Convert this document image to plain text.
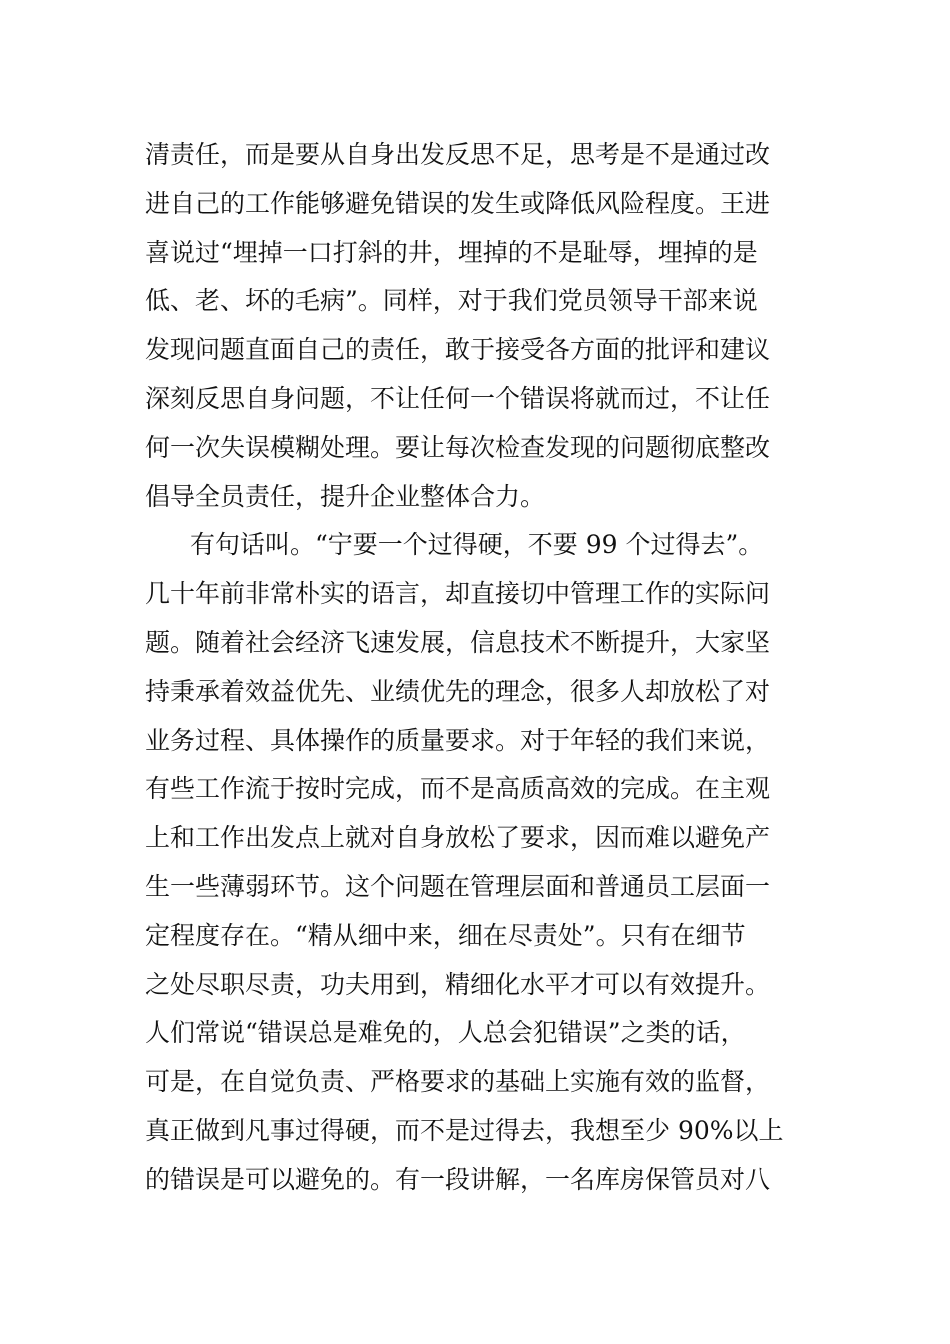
清责任，而是要从自身出发反思不足，思考是不是通过改
进自己的工作能够避免错误的发生或降低风险程度。王进
喜说过“埋掉一口打斜的井，埋掉的不是耻辱，埋掉的是
低、老、坏的毛病”。同样，对于我们党员领导干部来说
发现问题直面自己的责任，敢于接受各方面的批评和建议
深刻反思自身问题，不让任何一个错误将就而过，不让任
何一次失误模糊处理。要让每次检查发现的问题彻底整改
倡导全员责任，提升企业整体合力。
有句话叫。“宁要一个过得硬，不要 99 个过得去”。
几十年前非常朴实的语言，却直接切中管理工作的实际问
题。随着社会经济飞速发展，信息技术不断提升，大家坚
持秉承着效益优先、业绩优先的理念，很多人却放松了对
业务过程、具体操作的质量要求。对于年轻的我们来说，
有些工作流于按时完成，而不是高质高效的完成。在主观
上和工作出发点上就对自身放松了要求，因而难以避免产
生一些薄弱环节。这个问题在管理层面和普通员工层面一
定程度存在。“精从细中来，细在尽责处”。只有在细节
之处尽职尽责，功夫用到，精细化水平才可以有效提升。
人们常说“错误总是难免的，人总会犯错误”之类的话，
可是，在自觉负责、严格要求的基础上实施有效的监督，
真正做到凡事过得硬，而不是过得去，我想至少 90%以上
的错误是可以避免的。有一段讲解，一名库房保管员对八
